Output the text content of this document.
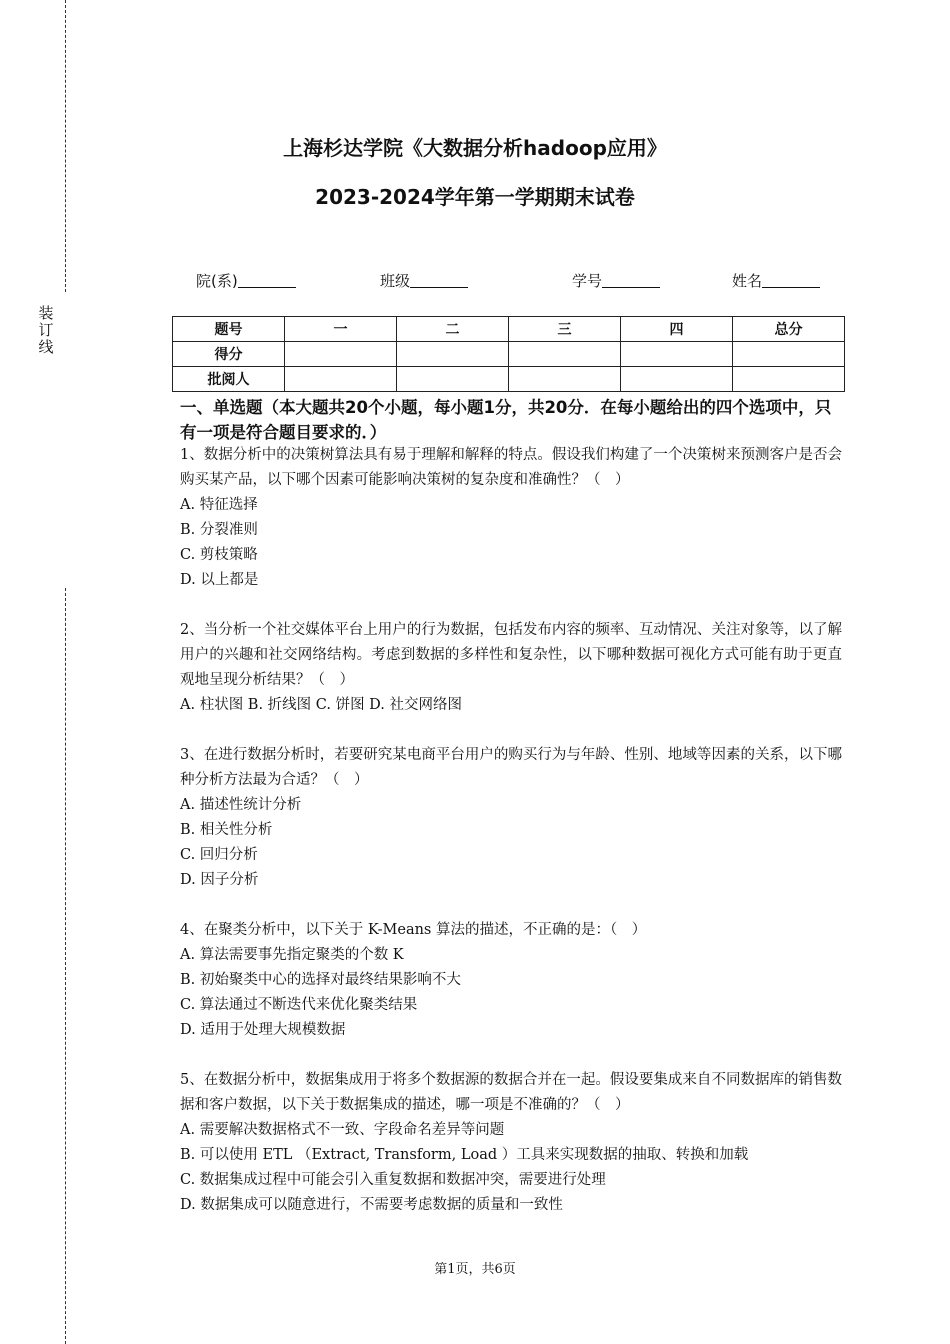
装
订
线
上海杉达学院《大数据分析hadoop应用》
2023-2024学年第一学期期末试卷
院(系)	班级	学号	姓名
题号	一	二	三	四	总分
得分					
批阅人					
一、单选题（本大题共20个小题，每小题1分，共20分．在每小题给出的四个选项中，只有一项是符合题目要求的．）

1、数据分析中的决策树算法具有易于理解和解释的特点。假设我们构建了一个决策树来预测客户是否会购买某产品，以下哪个因素可能影响决策树的复杂度和准确性？（　）

A. 特征选择
B. 分裂准则
C. 剪枝策略
D. 以上都是

2、当分析一个社交媒体平台上用户的行为数据，包括发布内容的频率、互动情况、关注对象等，以了解用户的兴趣和社交网络结构。考虑到数据的多样性和复杂性，以下哪种数据可视化方式可能有助于更直观地呈现分析结果？（　）

A. 柱状图 B. 折线图 C. 饼图 D. 社交网络图

3、在进行数据分析时，若要研究某电商平台用户的购买行为与年龄、性别、地域等因素的关系，以下哪种分析方法最为合适？（　）

A. 描述性统计分析
B. 相关性分析
C. 回归分析
D. 因子分析

4、在聚类分析中，以下关于 K-Means 算法的描述，不正确的是：（　）

A. 算法需要事先指定聚类的个数 K
B. 初始聚类中心的选择对最终结果影响不大
C. 算法通过不断迭代来优化聚类结果
D. 适用于处理大规模数据

5、在数据分析中，数据集成用于将多个数据源的数据合并在一起。假设要集成来自不同数据库的销售数据和客户数据，以下关于数据集成的描述，哪一项是不准确的？（　）

A. 需要解决数据格式不一致、字段命名差异等问题
B. 可以使用 ETL （Extract, Transform, Load ）工具来实现数据的抽取、转换和加载
C. 数据集成过程中可能会引入重复数据和数据冲突，需要进行处理
D. 数据集成可以随意进行，不需要考虑数据的质量和一致性
第1页，共6页
